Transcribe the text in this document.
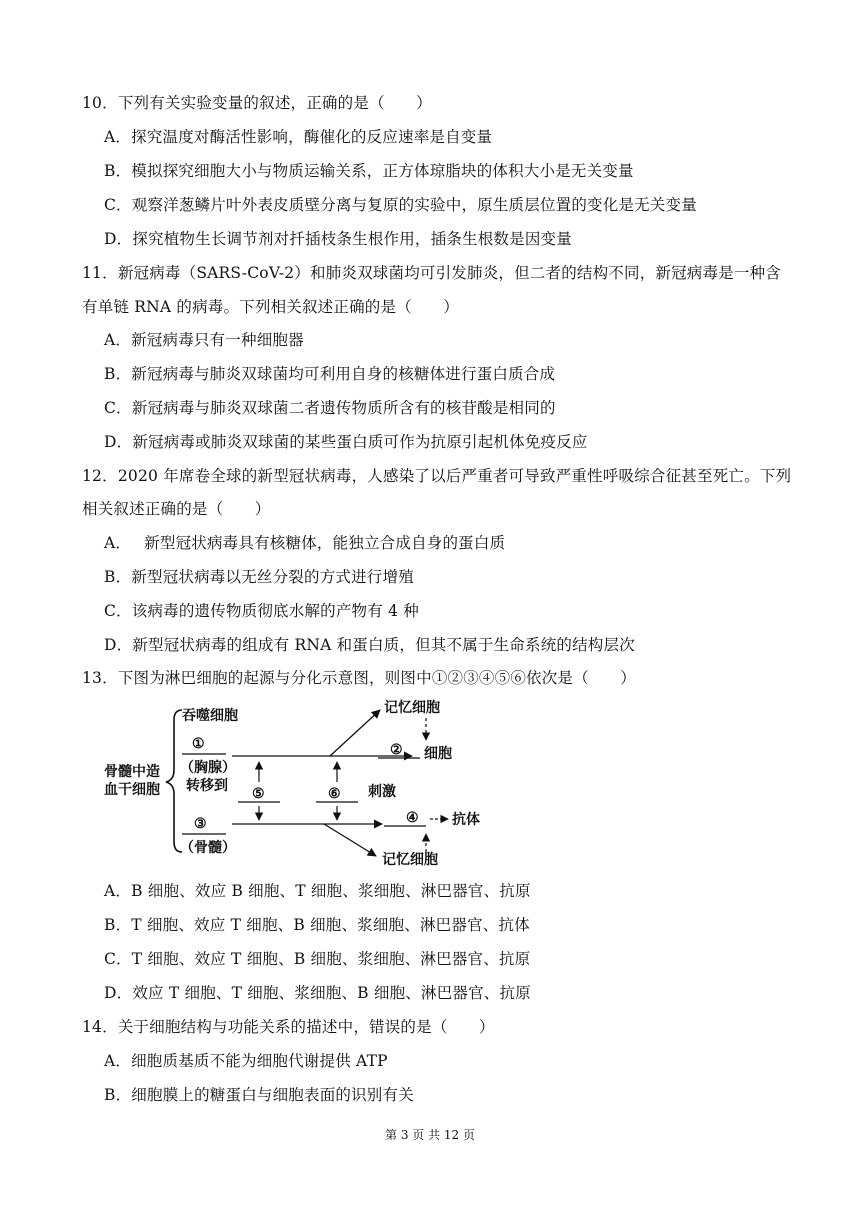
10．下列有关实验变量的叙述，正确的是（　　）
A．探究温度对酶活性影响，酶催化的反应速率是自变量
B．模拟探究细胞大小与物质运输关系，正方体琼脂块的体积大小是无关变量
C．观察洋葱鳞片叶外表皮质壁分离与复原的实验中，原生质层位置的变化是无关变量
D．探究植物生长调节剂对扦插枝条生根作用，插条生根数是因变量
11．新冠病毒（SARS-CoV-2）和肺炎双球菌均可引发肺炎，但二者的结构不同，新冠病毒是一种含
有单链 RNA 的病毒。下列相关叙述正确的是（　　）
A．新冠病毒只有一种细胞器
B．新冠病毒与肺炎双球菌均可利用自身的核糖体进行蛋白质合成
C．新冠病毒与肺炎双球菌二者遗传物质所含有的核苷酸是相同的
D．新冠病毒或肺炎双球菌的某些蛋白质可作为抗原引起机体免疫反应
12．2020 年席卷全球的新型冠状病毒，人感染了以后严重者可导致严重性呼吸综合征甚至死亡。下列
相关叙述正确的是（　　）
A．　 新型冠状病毒具有核糖体，能独立合成自身的蛋白质
B．新型冠状病毒以无丝分裂的方式进行增殖
C．该病毒的遗传物质彻底水解的产物有 4 种
D．新型冠状病毒的组成有 RNA 和蛋白质，但其不属于生命系统的结构层次
13．下图为淋巴细胞的起源与分化示意图，则图中①②③④⑤⑥依次是（　　）
骨髓中造
血干细胞
吞噬细胞
①
（胸腺）
转移到
③
（骨髓）
② 细胞
记忆细胞
⑤	⑥ 刺激
④ 抗体
记忆细胞
A．B 细胞、效应 B 细胞、T 细胞、浆细胞、淋巴器官、抗原
B．T 细胞、效应 T 细胞、B 细胞、浆细胞、淋巴器官、抗体
C．T 细胞、效应 T 细胞、B 细胞、浆细胞、淋巴器官、抗原
D．效应 T 细胞、T 细胞、浆细胞、B 细胞、淋巴器官、抗原
14．关于细胞结构与功能关系的描述中，错误的是（　　）
A．细胞质基质不能为细胞代谢提供 ATP
B．细胞膜上的糖蛋白与细胞表面的识别有关
第 3 页 共 12 页
